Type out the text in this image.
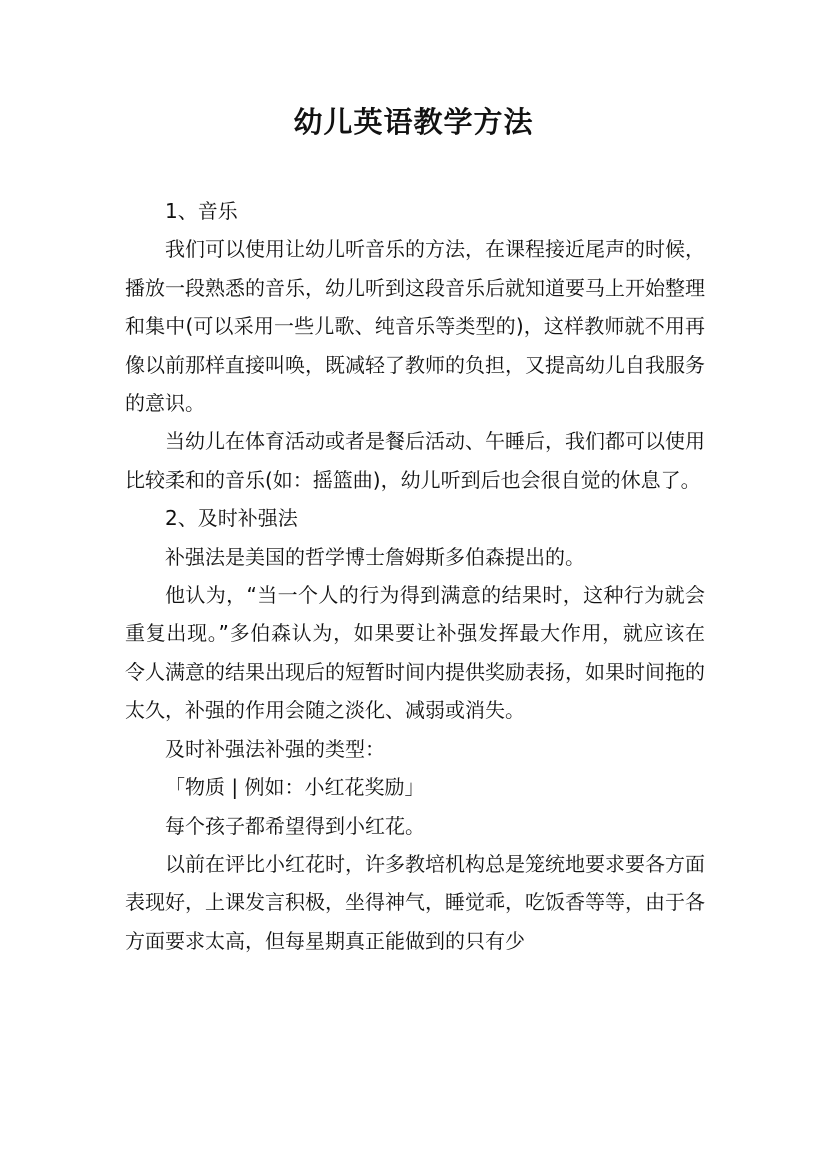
幼儿英语教学方法

1、音乐

我们可以使用让幼儿听音乐的方法，在课程接近尾声的时候，播放一段熟悉的音乐，幼儿听到这段音乐后就知道要马上开始整理和集中(可以采用一些儿歌、纯音乐等类型的)，这样教师就不用再像以前那样直接叫唤，既减轻了教师的负担，又提高幼儿自我服务的意识。

当幼儿在体育活动或者是餐后活动、午睡后，我们都可以使用比较柔和的音乐(如：摇篮曲)，幼儿听到后也会很自觉的休息了。

2、及时补强法

补强法是美国的哲学博士詹姆斯多伯森提出的。

他认为，“当一个人的行为得到满意的结果时，这种行为就会重复出现。”多伯森认为，如果要让补强发挥最大作用，就应该在令人满意的结果出现后的短暂时间内提供奖励表扬，如果时间拖的太久，补强的作用会随之淡化、减弱或消失。

及时补强法补强的类型：

「物质 | 例如：小红花奖励」

每个孩子都希望得到小红花。

以前在评比小红花时，许多教培机构总是笼统地要求要各方面表现好，上课发言积极，坐得神气，睡觉乖，吃饭香等等，由于各方面要求太高，但每星期真正能做到的只有少
